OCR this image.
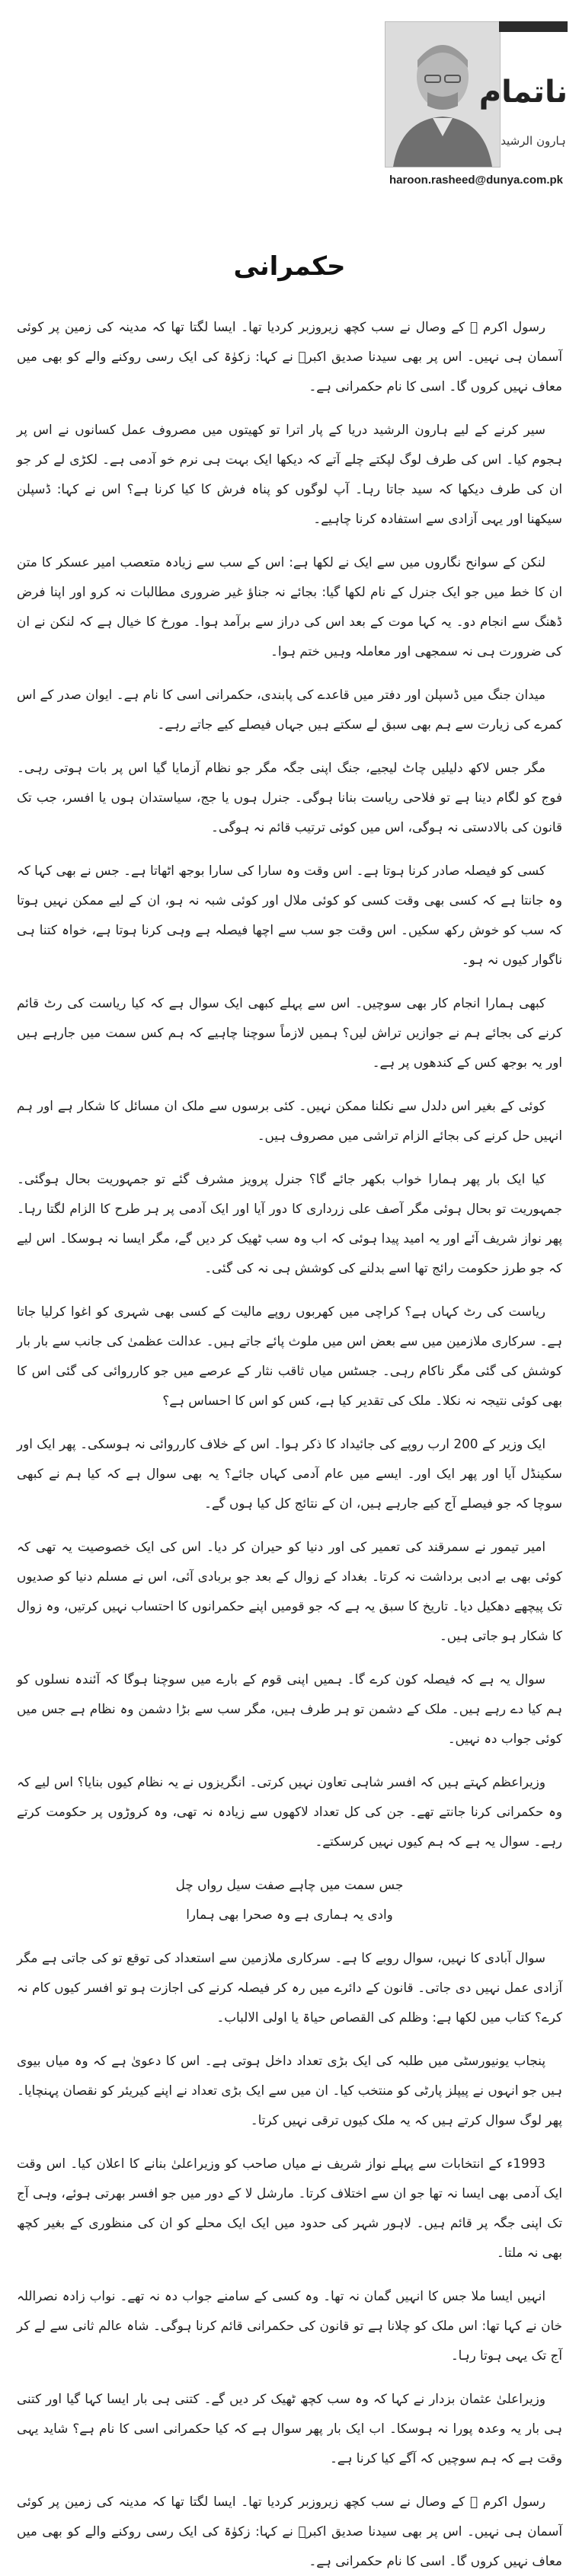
ناتمام
ہارون الرشید
haroon.rasheed@dunya.com.pk
حکمرانی

رسول اکرم ﷺ کے وصال نے سب کچھ زیروزبر کردیا تھا۔ ایسا لگتا تھا کہ مدینہ کی زمین پر کوئی آسمان ہی نہیں۔ اس پر بھی سیدنا صدیق اکبرؓ نے کہا: زکوٰۃ کی ایک رسی روکنے والے کو بھی میں معاف نہیں کروں گا۔ اسی کا نام حکمرانی ہے۔

سیر کرنے کے لیے ہارون الرشید دریا کے پار اترا تو کھیتوں میں مصروف عمل کسانوں نے اس پر ہجوم کیا۔ اس کی طرف لوگ لپکتے چلے آتے کہ دیکھا ایک بہت ہی نرم خو آدمی ہے۔ لکڑی لے کر جو ان کی طرف دیکھا کہ سید جاتا رہا۔ آپ لوگوں کو پناہ فرش کا کیا کرنا ہے؟ اس نے کہا: ڈسپلن سیکھنا اور یہی آزادی سے استفادہ کرنا چاہیے۔

لنکن کے سوانح نگاروں میں سے ایک نے لکھا ہے: اس کے سب سے زیادہ متعصب امیر عسکر کا متن ان کا خط میں جو ایک جنرل کے نام لکھا گیا: بجائے نہ جناؤ غیر ضروری مطالبات نہ کرو اور اپنا فرض ڈھنگ سے انجام دو۔ یہ کہا موت کے بعد اس کی دراز سے برآمد ہوا۔ مورخ کا خیال ہے کہ لنکن نے ان کی ضرورت ہی نہ سمجھی اور معاملہ وہیں ختم ہوا۔

میدان جنگ میں ڈسپلن اور دفتر میں قاعدے کی پابندی، حکمرانی اسی کا نام ہے۔ ایوان صدر کے اس کمرے کی زیارت سے ہم بھی سبق لے سکتے ہیں جہاں فیصلے کیے جاتے رہے۔

مگر جس لاکھ دلیلیں چاٹ لیجیے، جنگ اپنی جگہ مگر جو نظام آزمایا گیا اس پر بات ہوتی رہی۔ فوج کو لگام دینا ہے تو فلاحی ریاست بنانا ہوگی۔ جنرل ہوں یا جج، سیاستدان ہوں یا افسر، جب تک قانون کی بالادستی نہ ہوگی، اس میں کوئی ترتیب قائم نہ ہوگی۔

کسی کو فیصلہ صادر کرنا ہوتا ہے۔ اس وقت وہ سارا کی سارا بوجھ اٹھاتا ہے۔ جس نے بھی کہا کہ وہ جانتا ہے کہ کسی بھی وقت کسی کو کوئی ملال اور کوئی شبہ نہ ہو، ان کے لیے ممکن نہیں ہوتا کہ سب کو خوش رکھ سکیں۔ اس وقت جو سب سے اچھا فیصلہ ہے وہی کرنا ہوتا ہے، خواہ کتنا ہی ناگوار کیوں نہ ہو۔

کبھی ہمارا انجام کار بھی سوچیں۔ اس سے پہلے کبھی ایک سوال ہے کہ کیا ریاست کی رٹ قائم کرنے کی بجائے ہم نے جوازیں تراش لیں؟ ہمیں لازماً سوچنا چاہیے کہ ہم کس سمت میں جارہے ہیں اور یہ بوجھ کس کے کندھوں پر ہے۔

کوئی کے بغیر اس دلدل سے نکلنا ممکن نہیں۔ کئی برسوں سے ملک ان مسائل کا شکار ہے اور ہم انہیں حل کرنے کی بجائے الزام تراشی میں مصروف ہیں۔

کیا ایک بار پھر ہمارا خواب بکھر جائے گا؟ جنرل پرویز مشرف گئے تو جمہوریت بحال ہوگئی۔ جمہوریت تو بحال ہوئی مگر آصف علی زرداری کا دور آیا اور ایک آدمی پر ہر طرح کا الزام لگتا رہا۔ پھر نواز شریف آئے اور یہ امید پیدا ہوئی کہ اب وہ سب ٹھیک کر دیں گے، مگر ایسا نہ ہوسکا۔ اس لیے کہ جو طرز حکومت رائج تھا اسے بدلنے کی کوشش ہی نہ کی گئی۔

ریاست کی رٹ کہاں ہے؟ کراچی میں کھربوں روپے مالیت کے کسی بھی شہری کو اغوا کرلیا جاتا ہے۔ سرکاری ملازمین میں سے بعض اس میں ملوث پائے جاتے ہیں۔ عدالت عظمیٰ کی جانب سے بار بار کوشش کی گئی مگر ناکام رہی۔ جسٹس میاں ثاقب نثار کے عرصے میں جو کارروائی کی گئی اس کا بھی کوئی نتیجہ نہ نکلا۔ ملک کی تقدیر کیا ہے، کس کو اس کا احساس ہے؟

ایک وزیر کے 200 ارب روپے کی جائیداد کا ذکر ہوا۔ اس کے خلاف کارروائی نہ ہوسکی۔ پھر ایک اور سکینڈل آیا اور پھر ایک اور۔ ایسے میں عام آدمی کہاں جائے؟ یہ بھی سوال ہے کہ کیا ہم نے کبھی سوچا کہ جو فیصلے آج کیے جارہے ہیں، ان کے نتائج کل کیا ہوں گے۔

امیر تیمور نے سمرقند کی تعمیر کی اور دنیا کو حیران کر دیا۔ اس کی ایک خصوصیت یہ تھی کہ کوئی بھی بے ادبی برداشت نہ کرتا۔ بغداد کے زوال کے بعد جو بربادی آئی، اس نے مسلم دنیا کو صدیوں تک پیچھے دھکیل دیا۔ تاریخ کا سبق یہ ہے کہ جو قومیں اپنے حکمرانوں کا احتساب نہیں کرتیں، وہ زوال کا شکار ہو جاتی ہیں۔

سوال یہ ہے کہ فیصلہ کون کرے گا۔ ہمیں اپنی قوم کے بارے میں سوچنا ہوگا کہ آئندہ نسلوں کو ہم کیا دے رہے ہیں۔ ملک کے دشمن تو ہر طرف ہیں، مگر سب سے بڑا دشمن وہ نظام ہے جس میں کوئی جواب دہ نہیں۔

وزیراعظم کہتے ہیں کہ افسر شاہی تعاون نہیں کرتی۔ انگریزوں نے یہ نظام کیوں بنایا؟ اس لیے کہ وہ حکمرانی کرنا جانتے تھے۔ جن کی کل تعداد لاکھوں سے زیادہ نہ تھی، وہ کروڑوں پر حکومت کرتے رہے۔ سوال یہ ہے کہ ہم کیوں نہیں کرسکتے۔

جس سمت میں چاہے صفت سیل رواں چل
وادی یہ ہماری ہے وہ صحرا بھی ہمارا

سوال آبادی کا نہیں، سوال رویے کا ہے۔ سرکاری ملازمین سے استعداد کی توقع تو کی جاتی ہے مگر آزادی عمل نہیں دی جاتی۔ قانون کے دائرے میں رہ کر فیصلہ کرنے کی اجازت ہو تو افسر کیوں کام نہ کرے؟ کتاب میں لکھا ہے: وظلم کی القصاص حیاۃ یا اولی الالباب۔

پنجاب یونیورسٹی میں طلبہ کی ایک بڑی تعداد داخل ہوتی ہے۔ اس کا دعویٰ ہے کہ وہ میاں بیوی ہیں جو انہوں نے پیپلز پارٹی کو منتخب کیا۔ ان میں سے ایک بڑی تعداد نے اپنے کیریئر کو نقصان پہنچایا۔ پھر لوگ سوال کرتے ہیں کہ یہ ملک کیوں ترقی نہیں کرتا۔

1993ء کے انتخابات سے پہلے نواز شریف نے میاں صاحب کو وزیراعلیٰ بنانے کا اعلان کیا۔ اس وقت ایک آدمی بھی ایسا نہ تھا جو ان سے اختلاف کرتا۔ مارشل لا کے دور میں جو افسر بھرتی ہوئے، وہی آج تک اپنی جگہ پر قائم ہیں۔ لاہور شہر کی حدود میں ایک ایک محلے کو ان کی منظوری کے بغیر کچھ بھی نہ ملتا۔

انہیں ایسا ملا جس کا انہیں گمان نہ تھا۔ وہ کسی کے سامنے جواب دہ نہ تھے۔ نواب زادہ نصراللہ خان نے کہا تھا: اس ملک کو چلانا ہے تو قانون کی حکمرانی قائم کرنا ہوگی۔ شاہ عالم ثانی سے لے کر آج تک یہی ہوتا رہا۔

وزیراعلیٰ عثمان بزدار نے کہا کہ وہ سب کچھ ٹھیک کر دیں گے۔ کتنی ہی بار ایسا کہا گیا اور کتنی ہی بار یہ وعدہ پورا نہ ہوسکا۔ اب ایک بار پھر سوال ہے کہ کیا حکمرانی اسی کا نام ہے؟ شاید یہی وقت ہے کہ ہم سوچیں کہ آگے کیا کرنا ہے۔

رسول اکرم ﷺ کے وصال نے سب کچھ زیروزبر کردیا تھا۔ ایسا لگتا تھا کہ مدینہ کی زمین پر کوئی آسمان ہی نہیں۔ اس پر بھی سیدنا صدیق اکبرؓ نے کہا: زکوٰۃ کی ایک رسی روکنے والے کو بھی میں معاف نہیں کروں گا۔ اسی کا نام حکمرانی ہے۔
